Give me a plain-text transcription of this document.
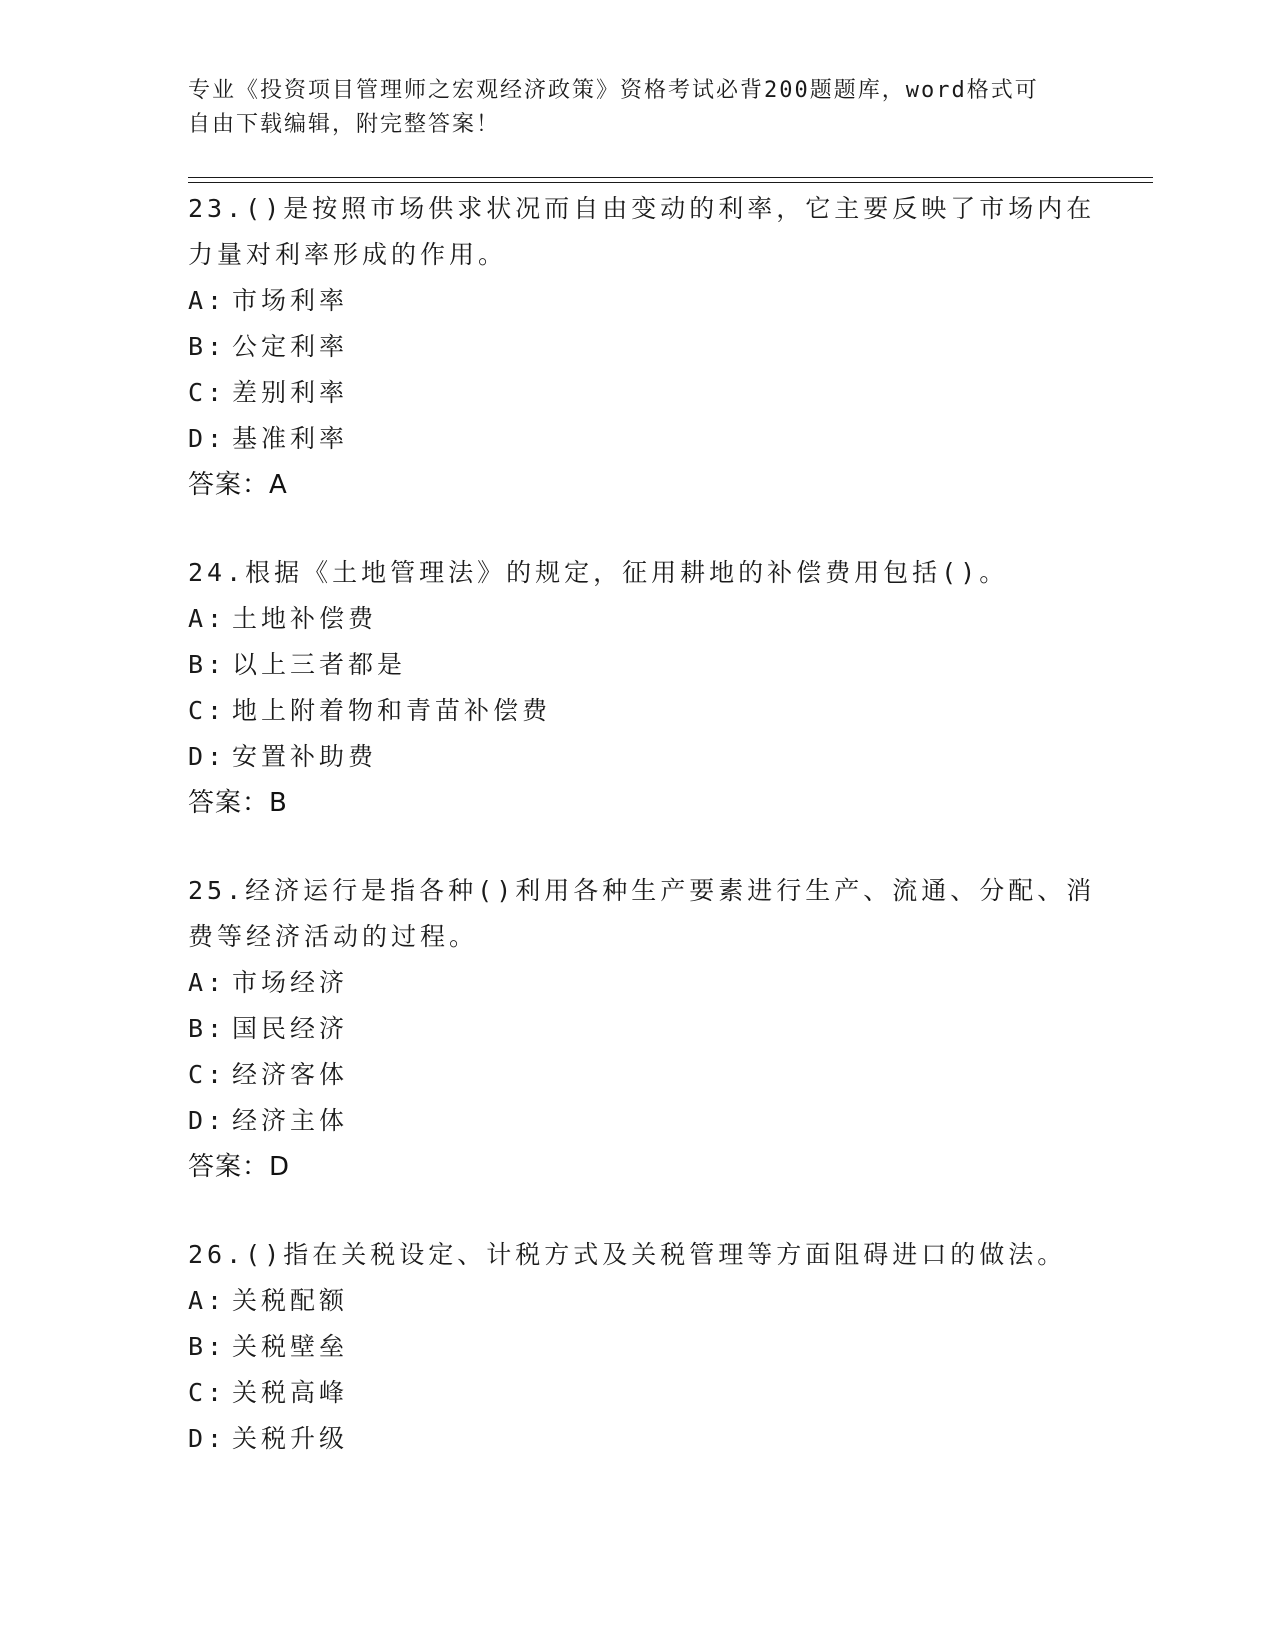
专业《投资项目管理师之宏观经济政策》资格考试必背200题题库，word格式可
自由下载编辑，附完整答案！
23.()是按照市场供求状况而自由变动的利率，它主要反映了市场内在
力量对利率形成的作用。
A: 市场利率
B: 公定利率
C: 差别利率
D: 基准利率
答案：A
24.根据《土地管理法》的规定，征用耕地的补偿费用包括()。
A: 土地补偿费
B: 以上三者都是
C: 地上附着物和青苗补偿费
D: 安置补助费
答案：B
25.经济运行是指各种()利用各种生产要素进行生产、流通、分配、消
费等经济活动的过程。
A: 市场经济
B: 国民经济
C: 经济客体
D: 经济主体
答案：D
26.()指在关税设定、计税方式及关税管理等方面阻碍进口的做法。
A: 关税配额
B: 关税壁垒
C: 关税高峰
D: 关税升级
